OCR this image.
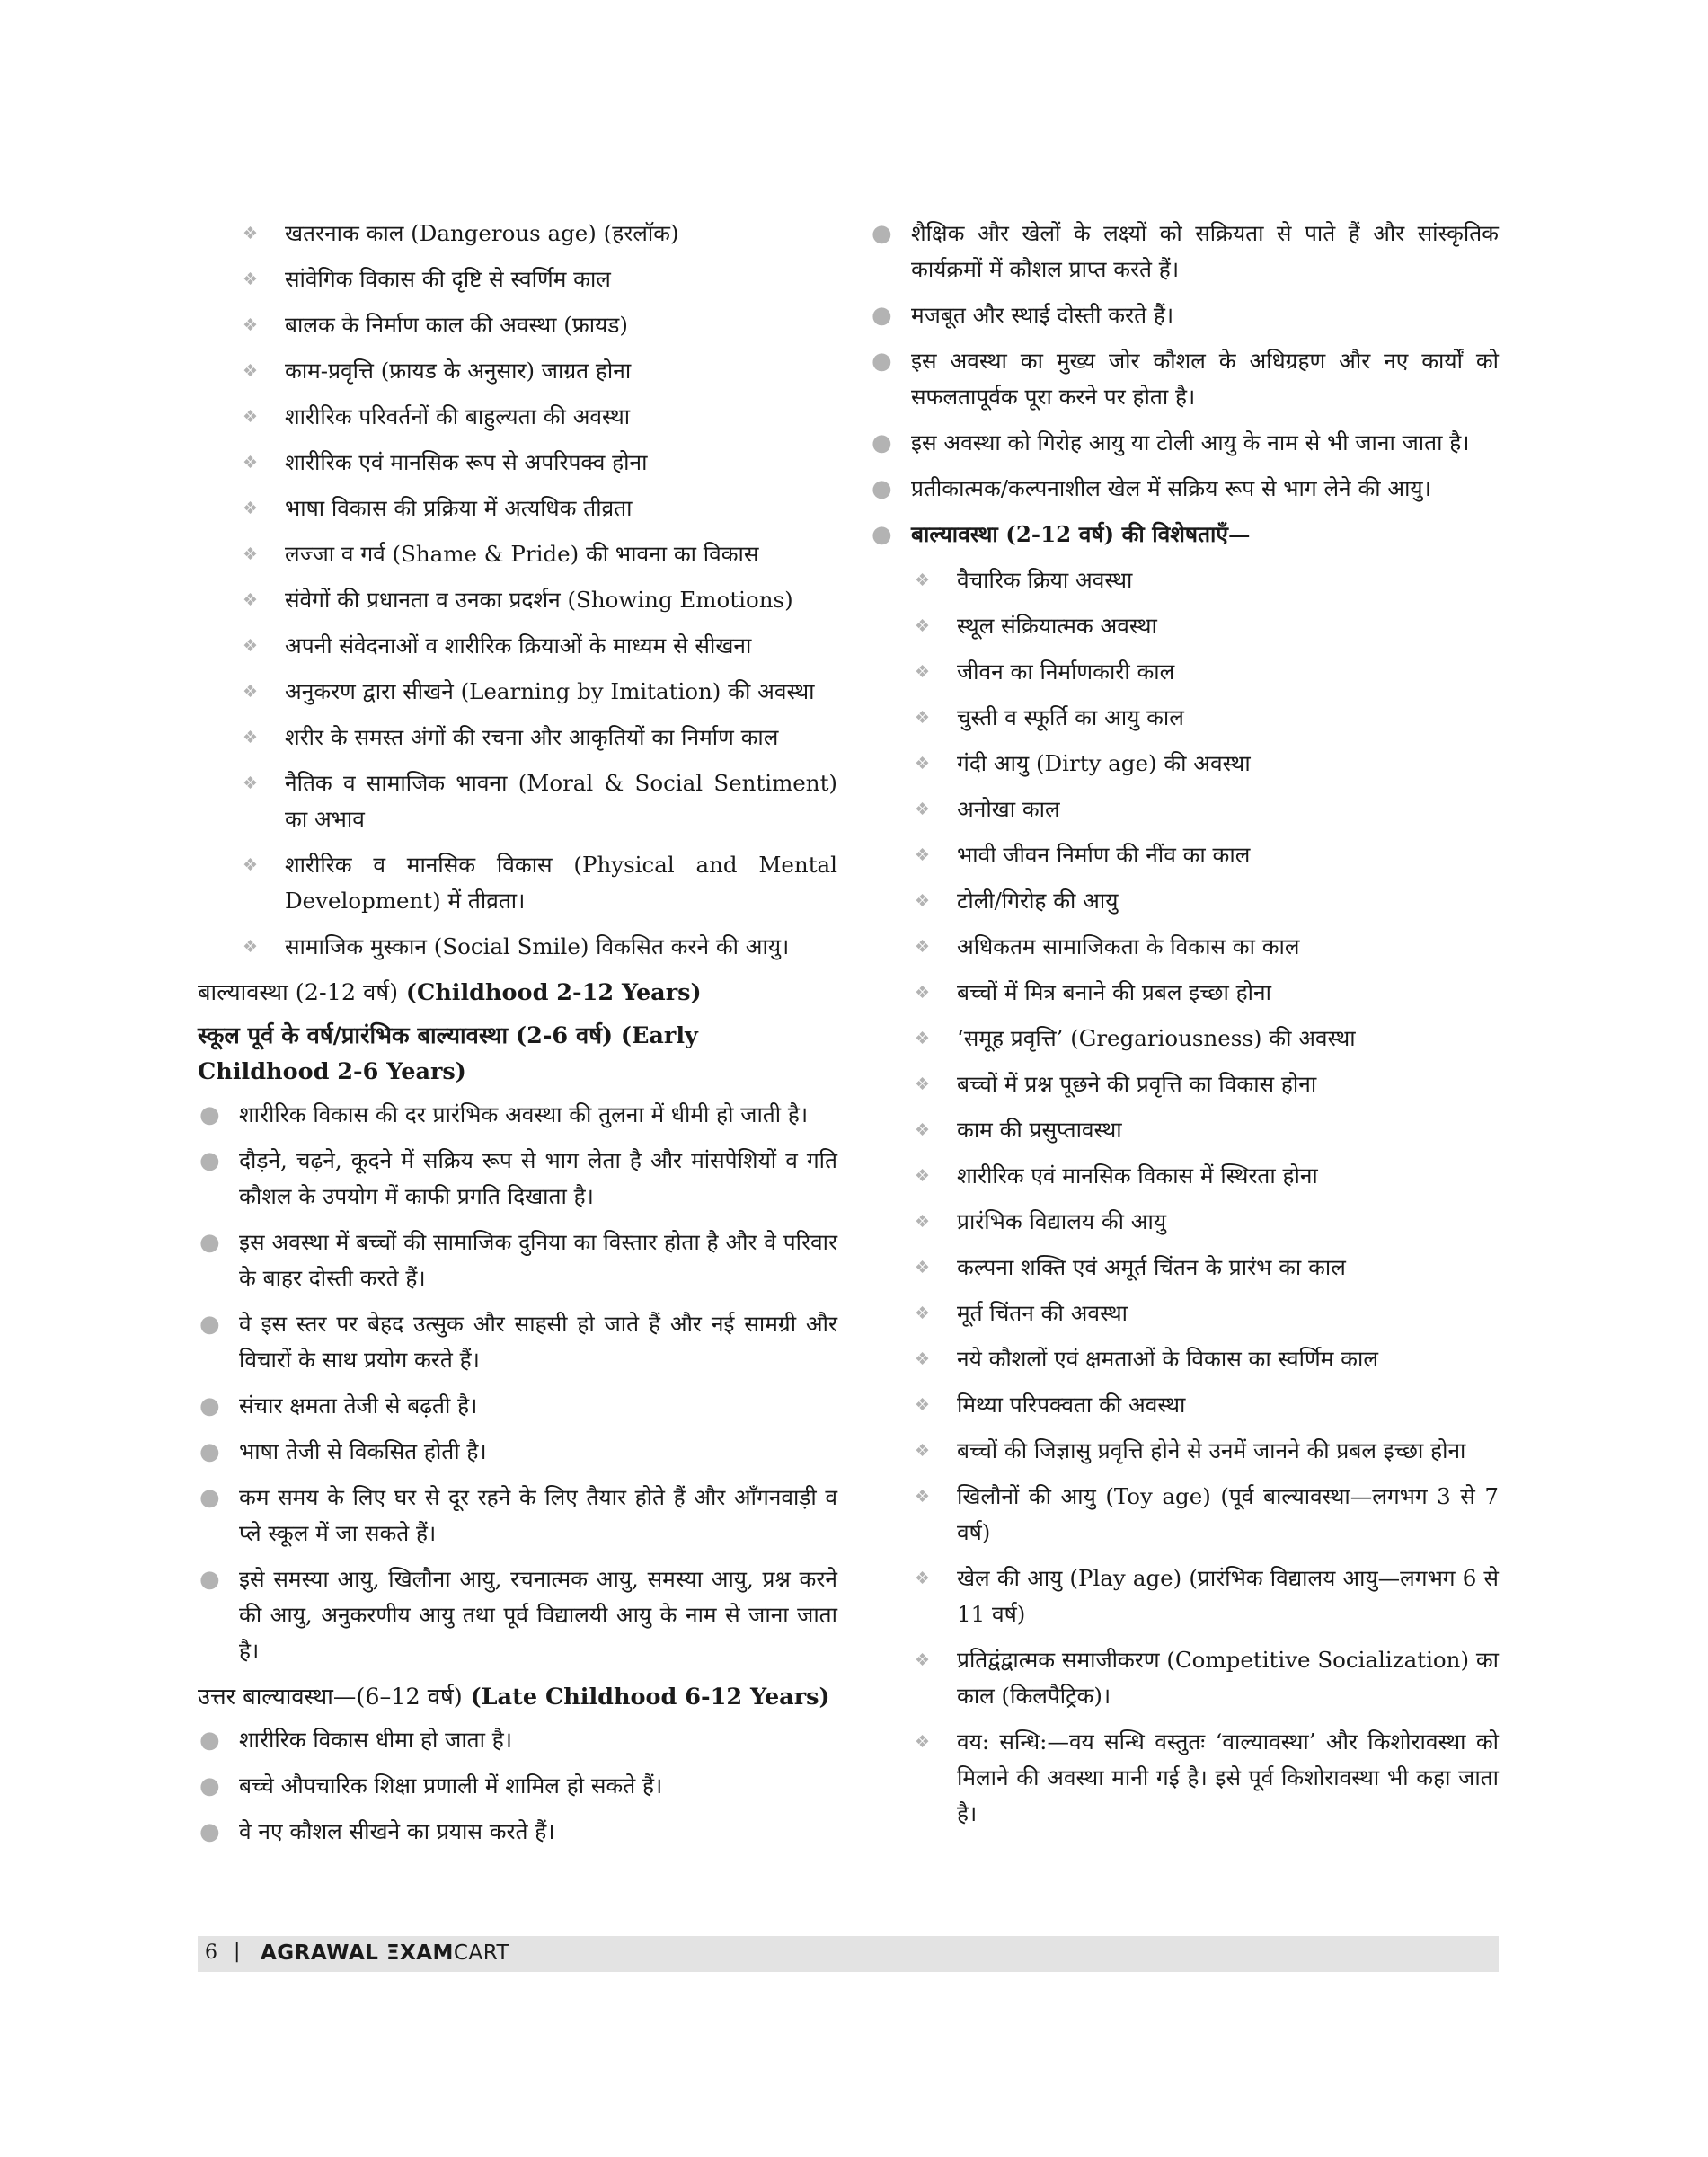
❖ खतरनाक काल (Dangerous age) (हरलॉक)
❖ सांवेगिक विकास की दृष्टि से स्वर्णिम काल
❖ बालक के निर्माण काल की अवस्था (फ्रायड)
❖ काम-प्रवृत्ति (फ्रायड के अनुसार) जाग्रत होना
❖ शारीरिक परिवर्तनों की बाहुल्यता की अवस्था
❖ शारीरिक एवं मानसिक रूप से अपरिपक्व होना
❖ भाषा विकास की प्रक्रिया में अत्यधिक तीव्रता
❖ लज्जा व गर्व (Shame & Pride) की भावना का विकास
❖ संवेगों की प्रधानता व उनका प्रदर्शन (Showing Emotions)
❖ अपनी संवेदनाओं व शारीरिक क्रियाओं के माध्यम से सीखना
❖ अनुकरण द्वारा सीखने (Learning by Imitation) की अवस्था
❖ शरीर के समस्त अंगों की रचना और आकृतियों का निर्माण काल
❖ नैतिक व सामाजिक भावना (Moral & Social Sentiment) का अभाव
❖ शारीरिक व मानसिक विकास (Physical and Mental Development) में तीव्रता।
❖ सामाजिक मुस्कान (Social Smile) विकसित करने की आयु।
बाल्यावस्था (2-12 वर्ष) (Childhood 2-12 Years)
स्कूल पूर्व के वर्ष/प्रारंभिक बाल्यावस्था (2-6 वर्ष) (Early Childhood 2-6 Years)
● शारीरिक विकास की दर प्रारंभिक अवस्था की तुलना में धीमी हो जाती है।
● दौड़ने, चढ़ने, कूदने में सक्रिय रूप से भाग लेता है और मांसपेशियों व गति कौशल के उपयोग में काफी प्रगति दिखाता है।
● इस अवस्था में बच्चों की सामाजिक दुनिया का विस्तार होता है और वे परिवार के बाहर दोस्ती करते हैं।
● वे इस स्तर पर बेहद उत्सुक और साहसी हो जाते हैं और नई सामग्री और विचारों के साथ प्रयोग करते हैं।
● संचार क्षमता तेजी से बढ़ती है।
● भाषा तेजी से विकसित होती है।
● कम समय के लिए घर से दूर रहने के लिए तैयार होते हैं और आँगनवाड़ी व प्ले स्कूल में जा सकते हैं।
● इसे समस्या आयु, खिलौना आयु, रचनात्मक आयु, समस्या आयु, प्रश्न करने की आयु, अनुकरणीय आयु तथा पूर्व विद्यालयी आयु के नाम से जाना जाता है।
उत्तर बाल्यावस्था—(6–12 वर्ष) (Late Childhood 6-12 Years)
● शारीरिक विकास धीमा हो जाता है।
● बच्चे औपचारिक शिक्षा प्रणाली में शामिल हो सकते हैं।
● वे नए कौशल सीखने का प्रयास करते हैं।
● शैक्षिक और खेलों के लक्ष्यों को सक्रियता से पाते हैं और सांस्कृतिक कार्यक्रमों में कौशल प्राप्त करते हैं।
● मजबूत और स्थाई दोस्ती करते हैं।
● इस अवस्था का मुख्य जोर कौशल के अधिग्रहण और नए कार्यों को सफलतापूर्वक पूरा करने पर होता है।
● इस अवस्था को गिरोह आयु या टोली आयु के नाम से भी जाना जाता है।
● प्रतीकात्मक/कल्पनाशील खेल में सक्रिय रूप से भाग लेने की आयु।
● बाल्यावस्था (2-12 वर्ष) की विशेषताएँ—
❖ वैचारिक क्रिया अवस्था
❖ स्थूल संक्रियात्मक अवस्था
❖ जीवन का निर्माणकारी काल
❖ चुस्ती व स्फूर्ति का आयु काल
❖ गंदी आयु (Dirty age) की अवस्था
❖ अनोखा काल
❖ भावी जीवन निर्माण की नींव का काल
❖ टोली/गिरोह की आयु
❖ अधिकतम सामाजिकता के विकास का काल
❖ बच्चों में मित्र बनाने की प्रबल इच्छा होना
❖ ‘समूह प्रवृत्ति’ (Gregariousness) की अवस्था
❖ बच्चों में प्रश्न पूछने की प्रवृत्ति का विकास होना
❖ काम की प्रसुप्तावस्था
❖ शारीरिक एवं मानसिक विकास में स्थिरता होना
❖ प्रारंभिक विद्यालय की आयु
❖ कल्पना शक्ति एवं अमूर्त चिंतन के प्रारंभ का काल
❖ मूर्त चिंतन की अवस्था
❖ नये कौशलों एवं क्षमताओं के विकास का स्वर्णिम काल
❖ मिथ्या परिपक्वता की अवस्था
❖ बच्चों की जिज्ञासु प्रवृत्ति होने से उनमें जानने की प्रबल इच्छा होना
❖ खिलौनों की आयु (Toy age) (पूर्व बाल्यावस्था—लगभग 3 से 7 वर्ष)
❖ खेल की आयु (Play age) (प्रारंभिक विद्यालय आयु—लगभग 6 से 11 वर्ष)
❖ प्रतिद्वंद्वात्मक समाजीकरण (Competitive Socialization) का काल (किलपैट्रिक)।
❖ वय: सन्धि:—वय सन्धि वस्तुतः ‘वाल्यावस्था’ और किशोरावस्था को मिलाने की अवस्था मानी गई है। इसे पूर्व किशोरावस्था भी कहा जाता है।
6 | AGRAWAL ΞXAMCART
